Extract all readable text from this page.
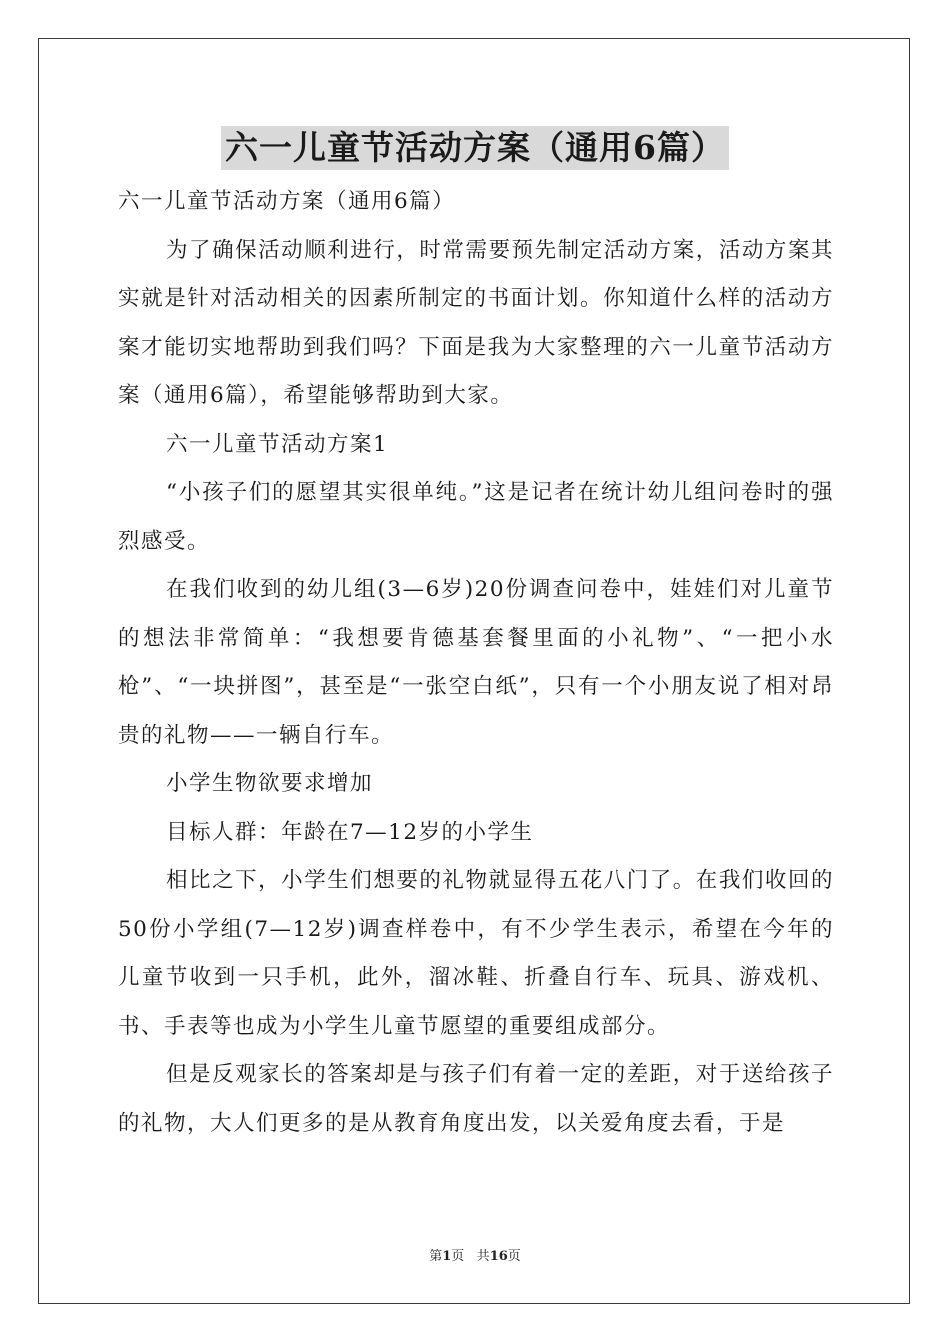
六一儿童节活动方案（通用6篇）

六一儿童节活动方案（通用6篇）

为了确保活动顺利进行，时常需要预先制定活动方案，活动方案其实就是针对活动相关的因素所制定的书面计划。你知道什么样的活动方案才能切实地帮助到我们吗？下面是我为大家整理的六一儿童节活动方案（通用6篇），希望能够帮助到大家。

六一儿童节活动方案1

“小孩子们的愿望其实很单纯。”这是记者在统计幼儿组问卷时的强烈感受。

在我们收到的幼儿组(3—6岁)20份调查问卷中，娃娃们对儿童节的想法非常简单：“我想要肯德基套餐里面的小礼物”、“一把小水枪”、“一块拼图”，甚至是“一张空白纸”，只有一个小朋友说了相对昂贵的礼物——一辆自行车。

小学生物欲要求增加

目标人群：年龄在7—12岁的小学生

相比之下，小学生们想要的礼物就显得五花八门了。在我们收回的50份小学组(7—12岁)调查样卷中，有不少学生表示，希望在今年的儿童节收到一只手机，此外，溜冰鞋、折叠自行车、玩具、游戏机、书、手表等也成为小学生儿童节愿望的重要组成部分。

但是反观家长的答案却是与孩子们有着一定的差距，对于送给孩子的礼物，大人们更多的是从教育角度出发，以关爱角度去看，于是

第1页 共16页
